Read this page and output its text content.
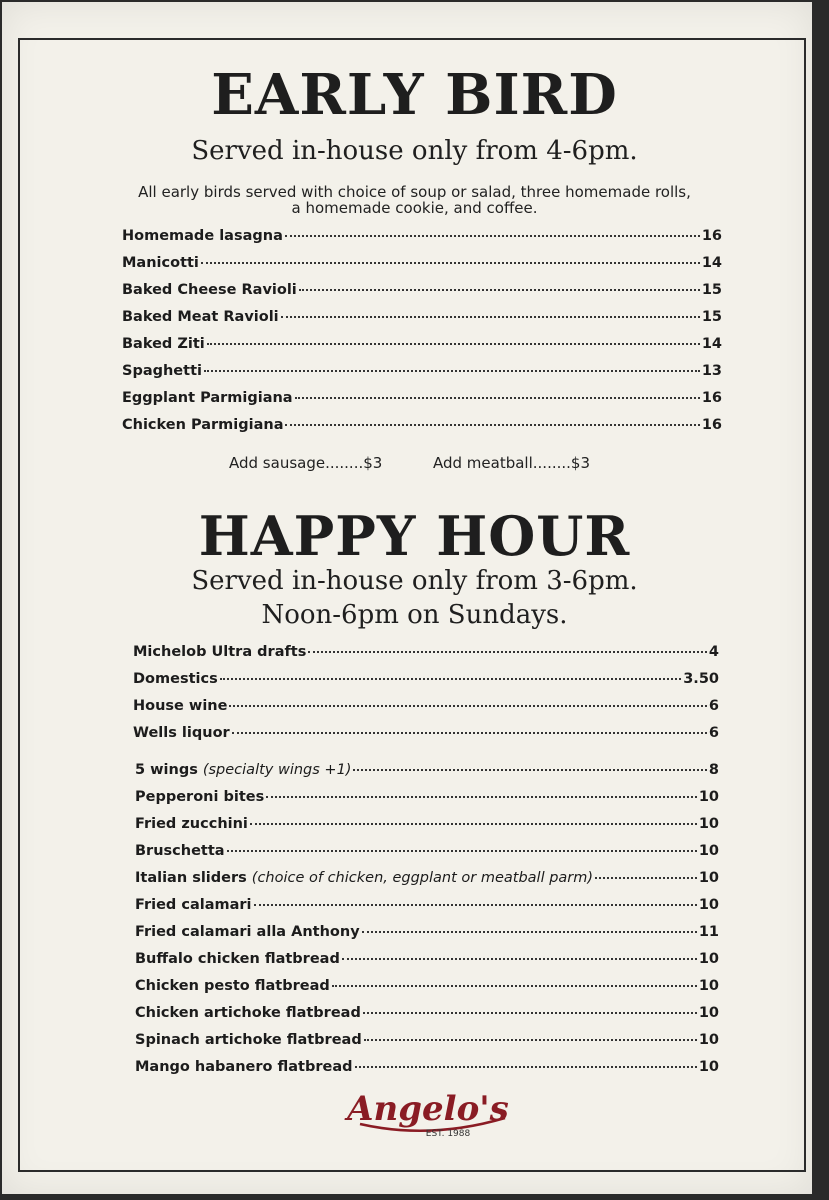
EARLY BIRD
Served in-house only from 4-6pm.
All early birds served with choice of soup or salad, three homemade rolls,
a homemade cookie, and coffee.
Homemade lasagna	16
Manicotti	14
Baked Cheese Ravioli	15
Baked Meat Ravioli	15
Baked Ziti	14
Spaghetti	13
Eggplant Parmigiana	16
Chicken Parmigiana	16
Add sausage........$3	Add meatball........$3
HAPPY HOUR
Served in-house only from 3-6pm.
Noon-6pm on Sundays.
Michelob Ultra drafts	4
Domestics	3.50
House wine	6
Wells liquor	6
5 wings (specialty wings +1)	8
Pepperoni bites	10
Fried zucchini	10
Bruschetta	10
Italian sliders (choice of chicken, eggplant or meatball parm)	10
Fried calamari	10
Fried calamari alla Anthony	11
Buffalo chicken flatbread	10
Chicken pesto flatbread	10
Chicken artichoke flatbread	10
Spinach artichoke flatbread	10
Mango habanero flatbread	10
Angelo's
EST. 1988
